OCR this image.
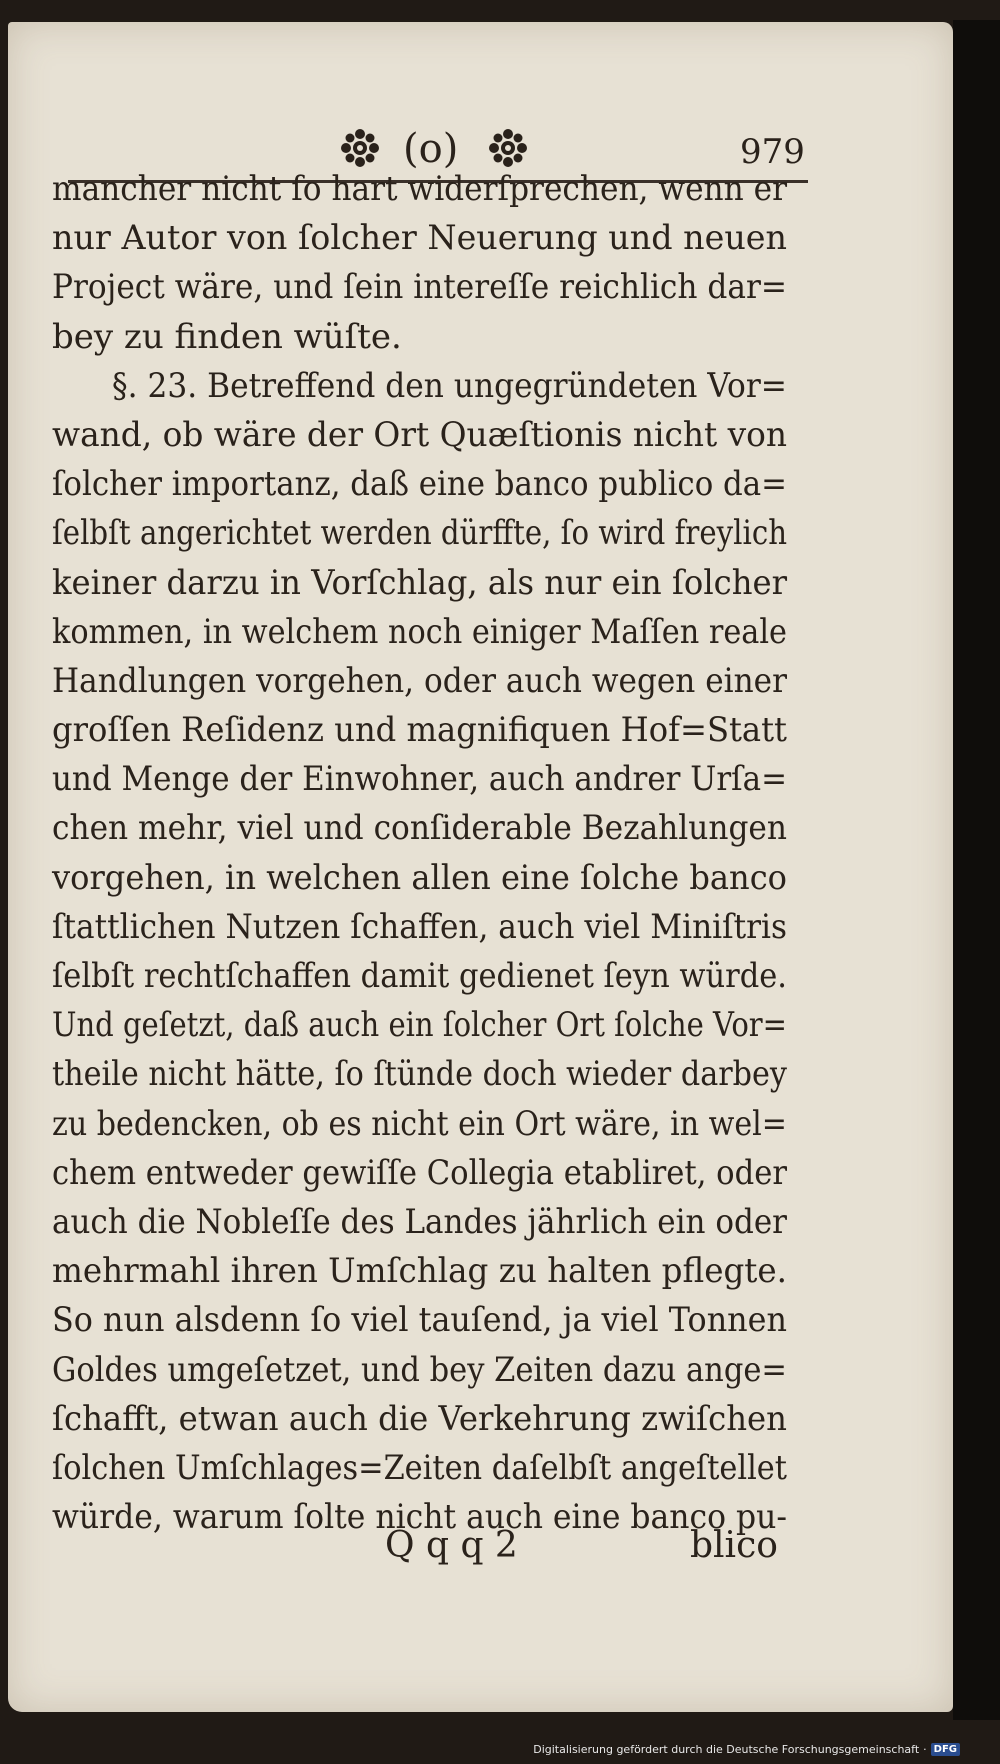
(o)	979
mancher nicht ſo hart widerſprechen, wenn er
nur Autor von ſolcher Neuerung und neuen
Project wäre, und ſein intereſſe reichlich dar=
bey zu finden wüſte.
§. 23. Betreffend den ungegründeten Vor=
wand, ob wäre der Ort Quæſtionis nicht von
ſolcher importanz, daß eine banco publico da=
ſelbſt angerichtet werden dürffte, ſo wird freylich
keiner darzu in Vorſchlag, als nur ein ſolcher
kommen, in welchem noch einiger Maſſen reale
Handlungen vorgehen, oder auch wegen einer
groſſen Reſidenz und magnifiquen Hof=Statt
und Menge der Einwohner, auch andrer Urſa=
chen mehr, viel und conſiderable Bezahlungen
vorgehen, in welchen allen eine ſolche banco
ſtattlichen Nutzen ſchaffen, auch viel Miniſtris
ſelbſt rechtſchaffen damit gedienet ſeyn würde.
Und geſetzt, daß auch ein ſolcher Ort ſolche Vor=
theile nicht hätte, ſo ſtünde doch wieder darbey
zu bedencken, ob es nicht ein Ort wäre, in wel=
chem entweder gewiſſe Collegia etabliret, oder
auch die Nobleſſe des Landes jährlich ein oder
mehrmahl ihren Umſchlag zu halten pflegte.
So nun alsdenn ſo viel tauſend, ja viel Tonnen
Goldes umgeſetzet, und bey Zeiten dazu ange=
ſchafft, etwan auch die Verkehrung zwiſchen
ſolchen Umſchlages=Zeiten daſelbſt angeſtellet
würde, warum ſolte nicht auch eine banco pu-
Q q q 2	blico
Digitalisierung gefördert durch die Deutsche Forschungsgemeinschaft · DFG
